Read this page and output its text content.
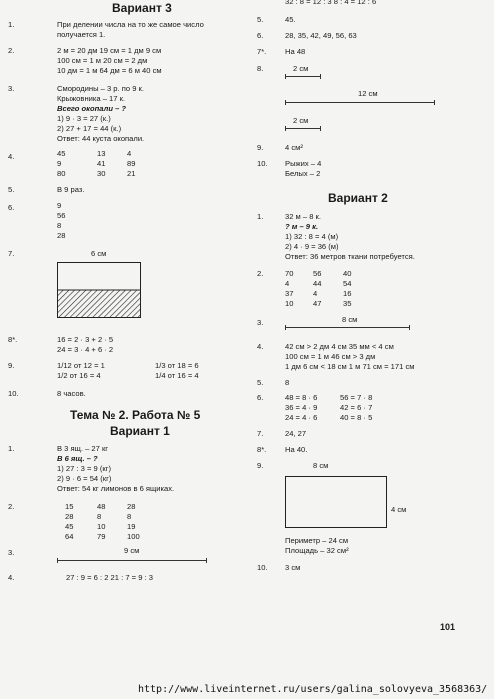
Вариант 3
1.	При делении числа на то же самое число
получается 1.
2.	2 м = 20 дм 19 см = 1 дм 9 см
100 см = 1 м 20 см = 2 дм
10 дм = 1 м 64 дм = 6 м 40 см
3.	Смородины – 3 р. по 9 к.
Крыжовника – 17 к.
Всего окопали – ?
1) 9 · 3 = 27 (к.)
2) 27 + 17 = 44 (к.)
Ответ: 44 куста окопали.
4.	45	13	4
9	41	89
80	30	21
5.	В 9 раз.
6.	9
56
8
28
7.	6 см
8*.	16 = 2 · 3 + 2 · 5
24 = 3 · 4 + 6 · 2
9.	1/12 от 12 = 1	1/3 от 18 = 6
1/2 от 16 = 4	1/4 от 16 = 4
10.	8 часов.
Тема № 2. Работа № 5
Вариант 1
1.	В 3 ящ. – 27 кг
В 6 ящ. – ?
1) 27 : 3 = 9 (кг)
2) 9 · 6 = 54 (кг)
Ответ: 54 кг лимонов в 6 ящиках.
2.	15	48	28
28	8	8
45	10	19
64	79	100
3.	9 см
4.	27 : 9 = 6 : 2 21 : 7 = 9 : 3
32 : 8 = 12 : 3 8 : 4 = 12 : 6
5.	45.
6.	28, 35, 42, 49, 56, 63
7*. На 48
8.	2 см
12 см
2 см
9.	4 см²
10. Рыжих – 4
Белых – 2
Вариант 2
1.	32 м – 8 к.
? м – 9 к.
1) 32 : 8 = 4 (м)
2) 4 · 9 = 36 (м)
Ответ: 36 метров ткани потребуется.
2.	70	56	40
4	44	54
37	4	16
10	47	35
3.	8 см
4.	42 см > 2 дм 4 см 35 мм < 4 см
100 см = 1 м 46 см > 3 дм
1 дм 6 см < 18 см 1 м 71 см = 171 см
5.	8
6.	48 = 8 · 6	56 = 7 · 8
36 = 4 · 9	42 = 6 · 7
24 = 4 · 6	40 = 8 · 5
7.	24, 27
8*. На 40.
9.	8 см
4 см
Периметр – 24 см
Площадь – 32 см²
10. 3 см
101
http://www.liveinternet.ru/users/galina_solovyeva_3568363/
